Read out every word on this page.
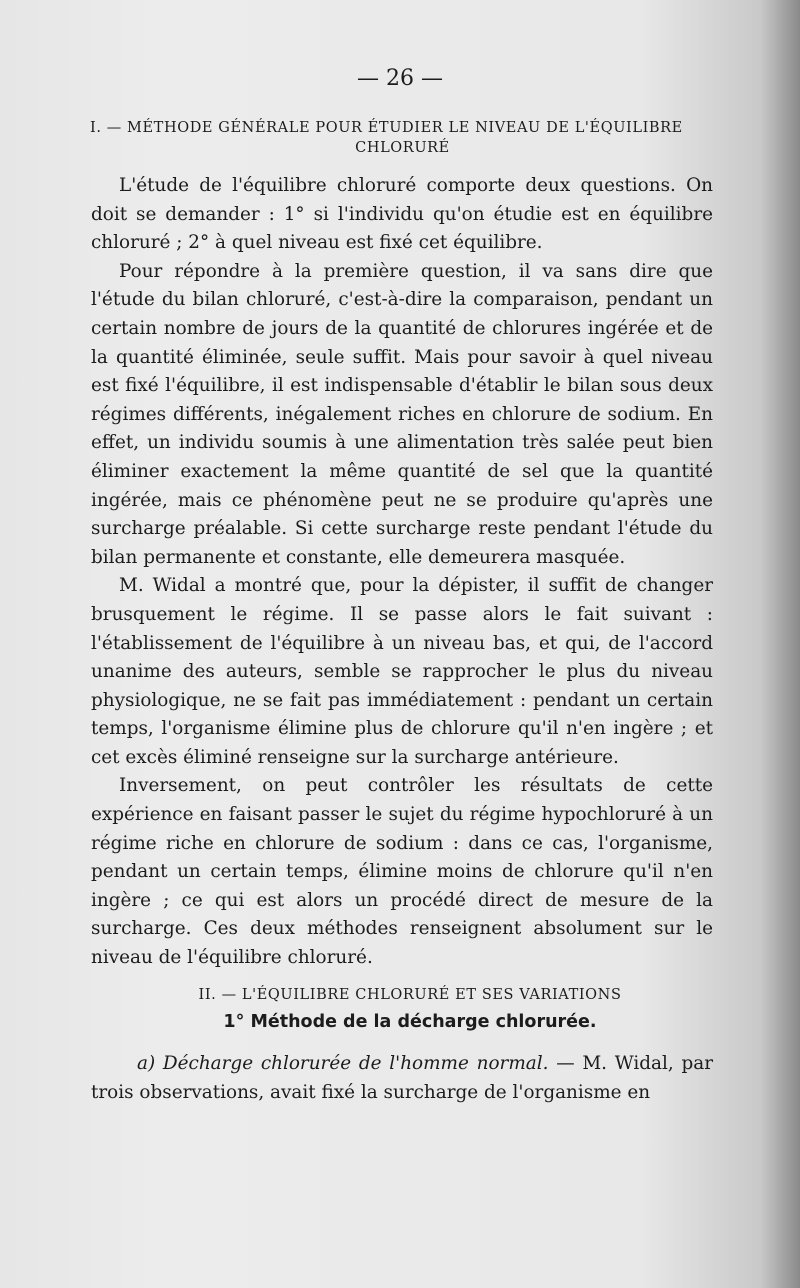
— 26 —
I. — MÉTHODE GÉNÉRALE POUR ÉTUDIER LE NIVEAU DE L'ÉQUILIBRE
CHLORURÉ

L'étude de l'équilibre chloruré comporte deux questions. On doit se demander : 1° si l'individu qu'on étudie est en équilibre chloruré ; 2° à quel niveau est fixé cet équilibre.

Pour répondre à la première question, il va sans dire que l'étude du bilan chloruré, c'est-à-dire la comparaison, pendant un certain nombre de jours de la quantité de chlorures ingérée et de la quantité éliminée, seule suffit. Mais pour savoir à quel niveau est fixé l'équilibre, il est indispensable d'établir le bilan sous deux régimes différents, inégalement riches en chlorure de sodium. En effet, un individu soumis à une alimentation très salée peut bien éliminer exactement la même quantité de sel que la quantité ingérée, mais ce phénomène peut ne se produire qu'après une surcharge préalable. Si cette surcharge reste pendant l'étude du bilan permanente et constante, elle demeurera masquée.

M. Widal a montré que, pour la dépister, il suffit de changer brusquement le régime. Il se passe alors le fait suivant : l'établissement de l'équilibre à un niveau bas, et qui, de l'accord unanime des auteurs, semble se rapprocher le plus du niveau physiologique, ne se fait pas immédiatement : pendant un certain temps, l'organisme élimine plus de chlorure qu'il n'en ingère ; et cet excès éliminé renseigne sur la surcharge antérieure.

Inversement, on peut contrôler les résultats de cette expérience en faisant passer le sujet du régime hypochloruré à un régime riche en chlorure de sodium : dans ce cas, l'organisme, pendant un certain temps, élimine moins de chlorure qu'il n'en ingère ; ce qui est alors un procédé direct de mesure de la surcharge. Ces deux méthodes renseignent absolument sur le niveau de l'équilibre chloruré.

II. — L'ÉQUILIBRE CHLORURÉ ET SES VARIATIONS
1° Méthode de la décharge chlorurée.

a) Décharge chlorurée de l'homme normal. — M. Widal, par trois observations, avait fixé la surcharge de l'organisme en
